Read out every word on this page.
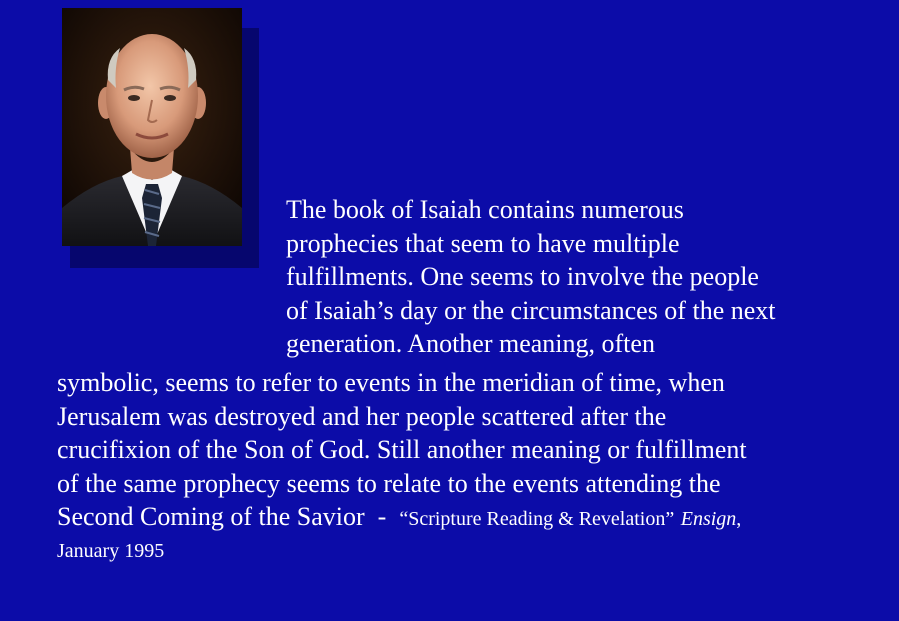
The book of Isaiah contains numerous
prophecies that seem to have multiple
fulfillments. One seems to involve the people
of Isaiah’s day or the circumstances of the next
generation. Another meaning, often

symbolic, seems to refer to events in the meridian of time, when
Jerusalem was destroyed and her people scattered after the
crucifixion of the Son of God. Still another meaning or fulfillment
of the same prophecy seems to relate to the events attending the
Second Coming of the Savior  -  “Scripture Reading & Revelation” Ensign,
January 1995
